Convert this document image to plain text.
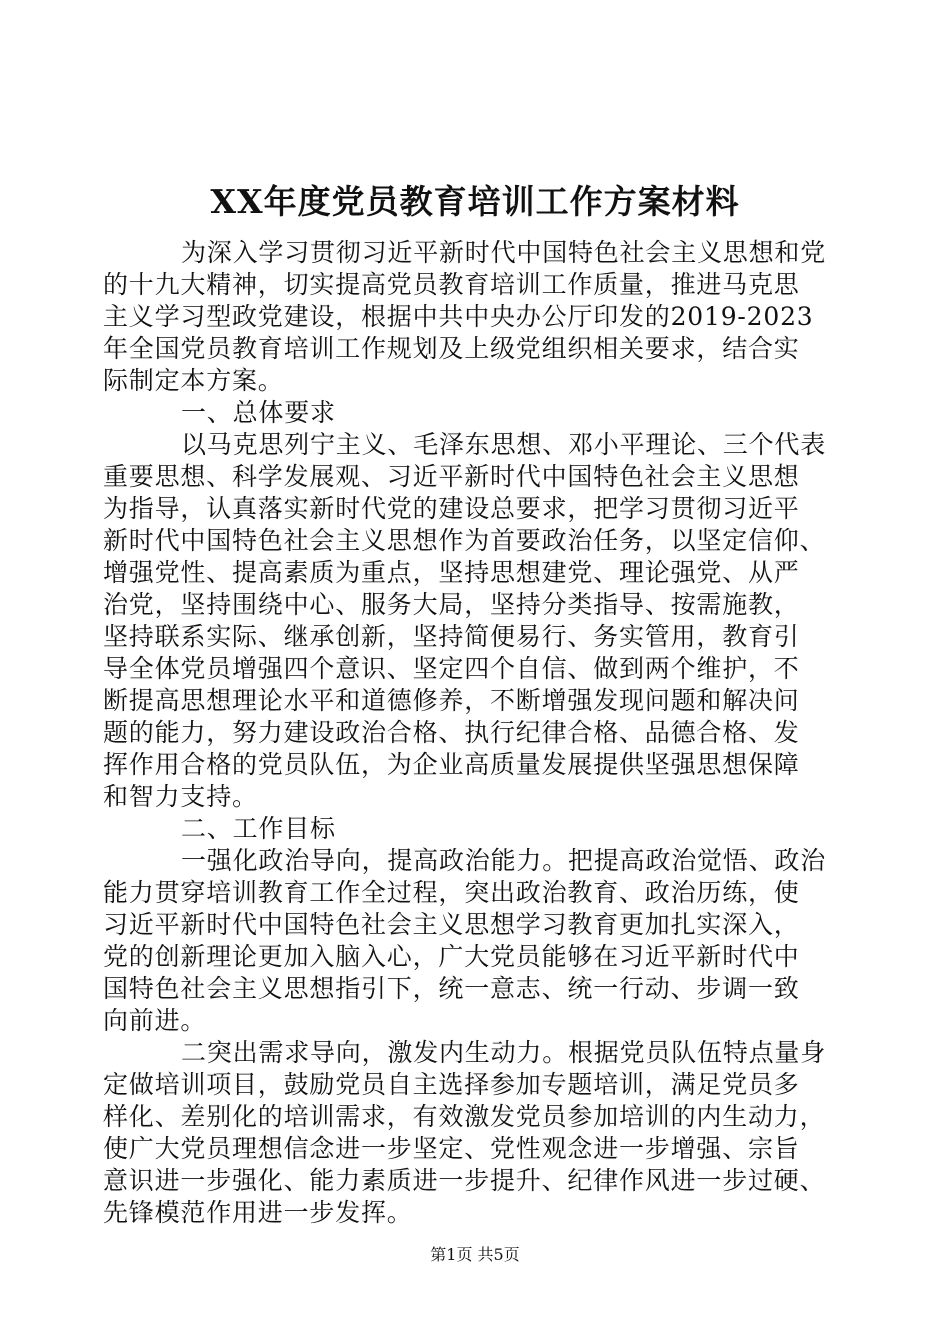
XX年度党员教育培训工作方案材料
为深入学习贯彻习近平新时代中国特色社会主义思想和党
的十九大精神，切实提高党员教育培训工作质量，推进马克思
主义学习型政党建设，根据中共中央办公厅印发的2019-2023
年全国党员教育培训工作规划及上级党组织相关要求，结合实
际制定本方案。
一、总体要求
以马克思列宁主义、毛泽东思想、邓小平理论、三个代表
重要思想、科学发展观、习近平新时代中国特色社会主义思想
为指导，认真落实新时代党的建设总要求，把学习贯彻习近平
新时代中国特色社会主义思想作为首要政治任务，以坚定信仰、
增强党性、提高素质为重点，坚持思想建党、理论强党、从严
治党，坚持围绕中心、服务大局，坚持分类指导、按需施教，
坚持联系实际、继承创新，坚持简便易行、务实管用，教育引
导全体党员增强四个意识、坚定四个自信、做到两个维护，不
断提高思想理论水平和道德修养，不断增强发现问题和解决问
题的能力，努力建设政治合格、执行纪律合格、品德合格、发
挥作用合格的党员队伍，为企业高质量发展提供坚强思想保障
和智力支持。
二、工作目标
一强化政治导向，提高政治能力。把提高政治觉悟、政治
能力贯穿培训教育工作全过程，突出政治教育、政治历练，使
习近平新时代中国特色社会主义思想学习教育更加扎实深入，
党的创新理论更加入脑入心，广大党员能够在习近平新时代中
国特色社会主义思想指引下，统一意志、统一行动、步调一致
向前进。
二突出需求导向，激发内生动力。根据党员队伍特点量身
定做培训项目，鼓励党员自主选择参加专题培训，满足党员多
样化、差别化的培训需求，有效激发党员参加培训的内生动力，
使广大党员理想信念进一步坚定、党性观念进一步增强、宗旨
意识进一步强化、能力素质进一步提升、纪律作风进一步过硬、
先锋模范作用进一步发挥。
第1页 共5页
